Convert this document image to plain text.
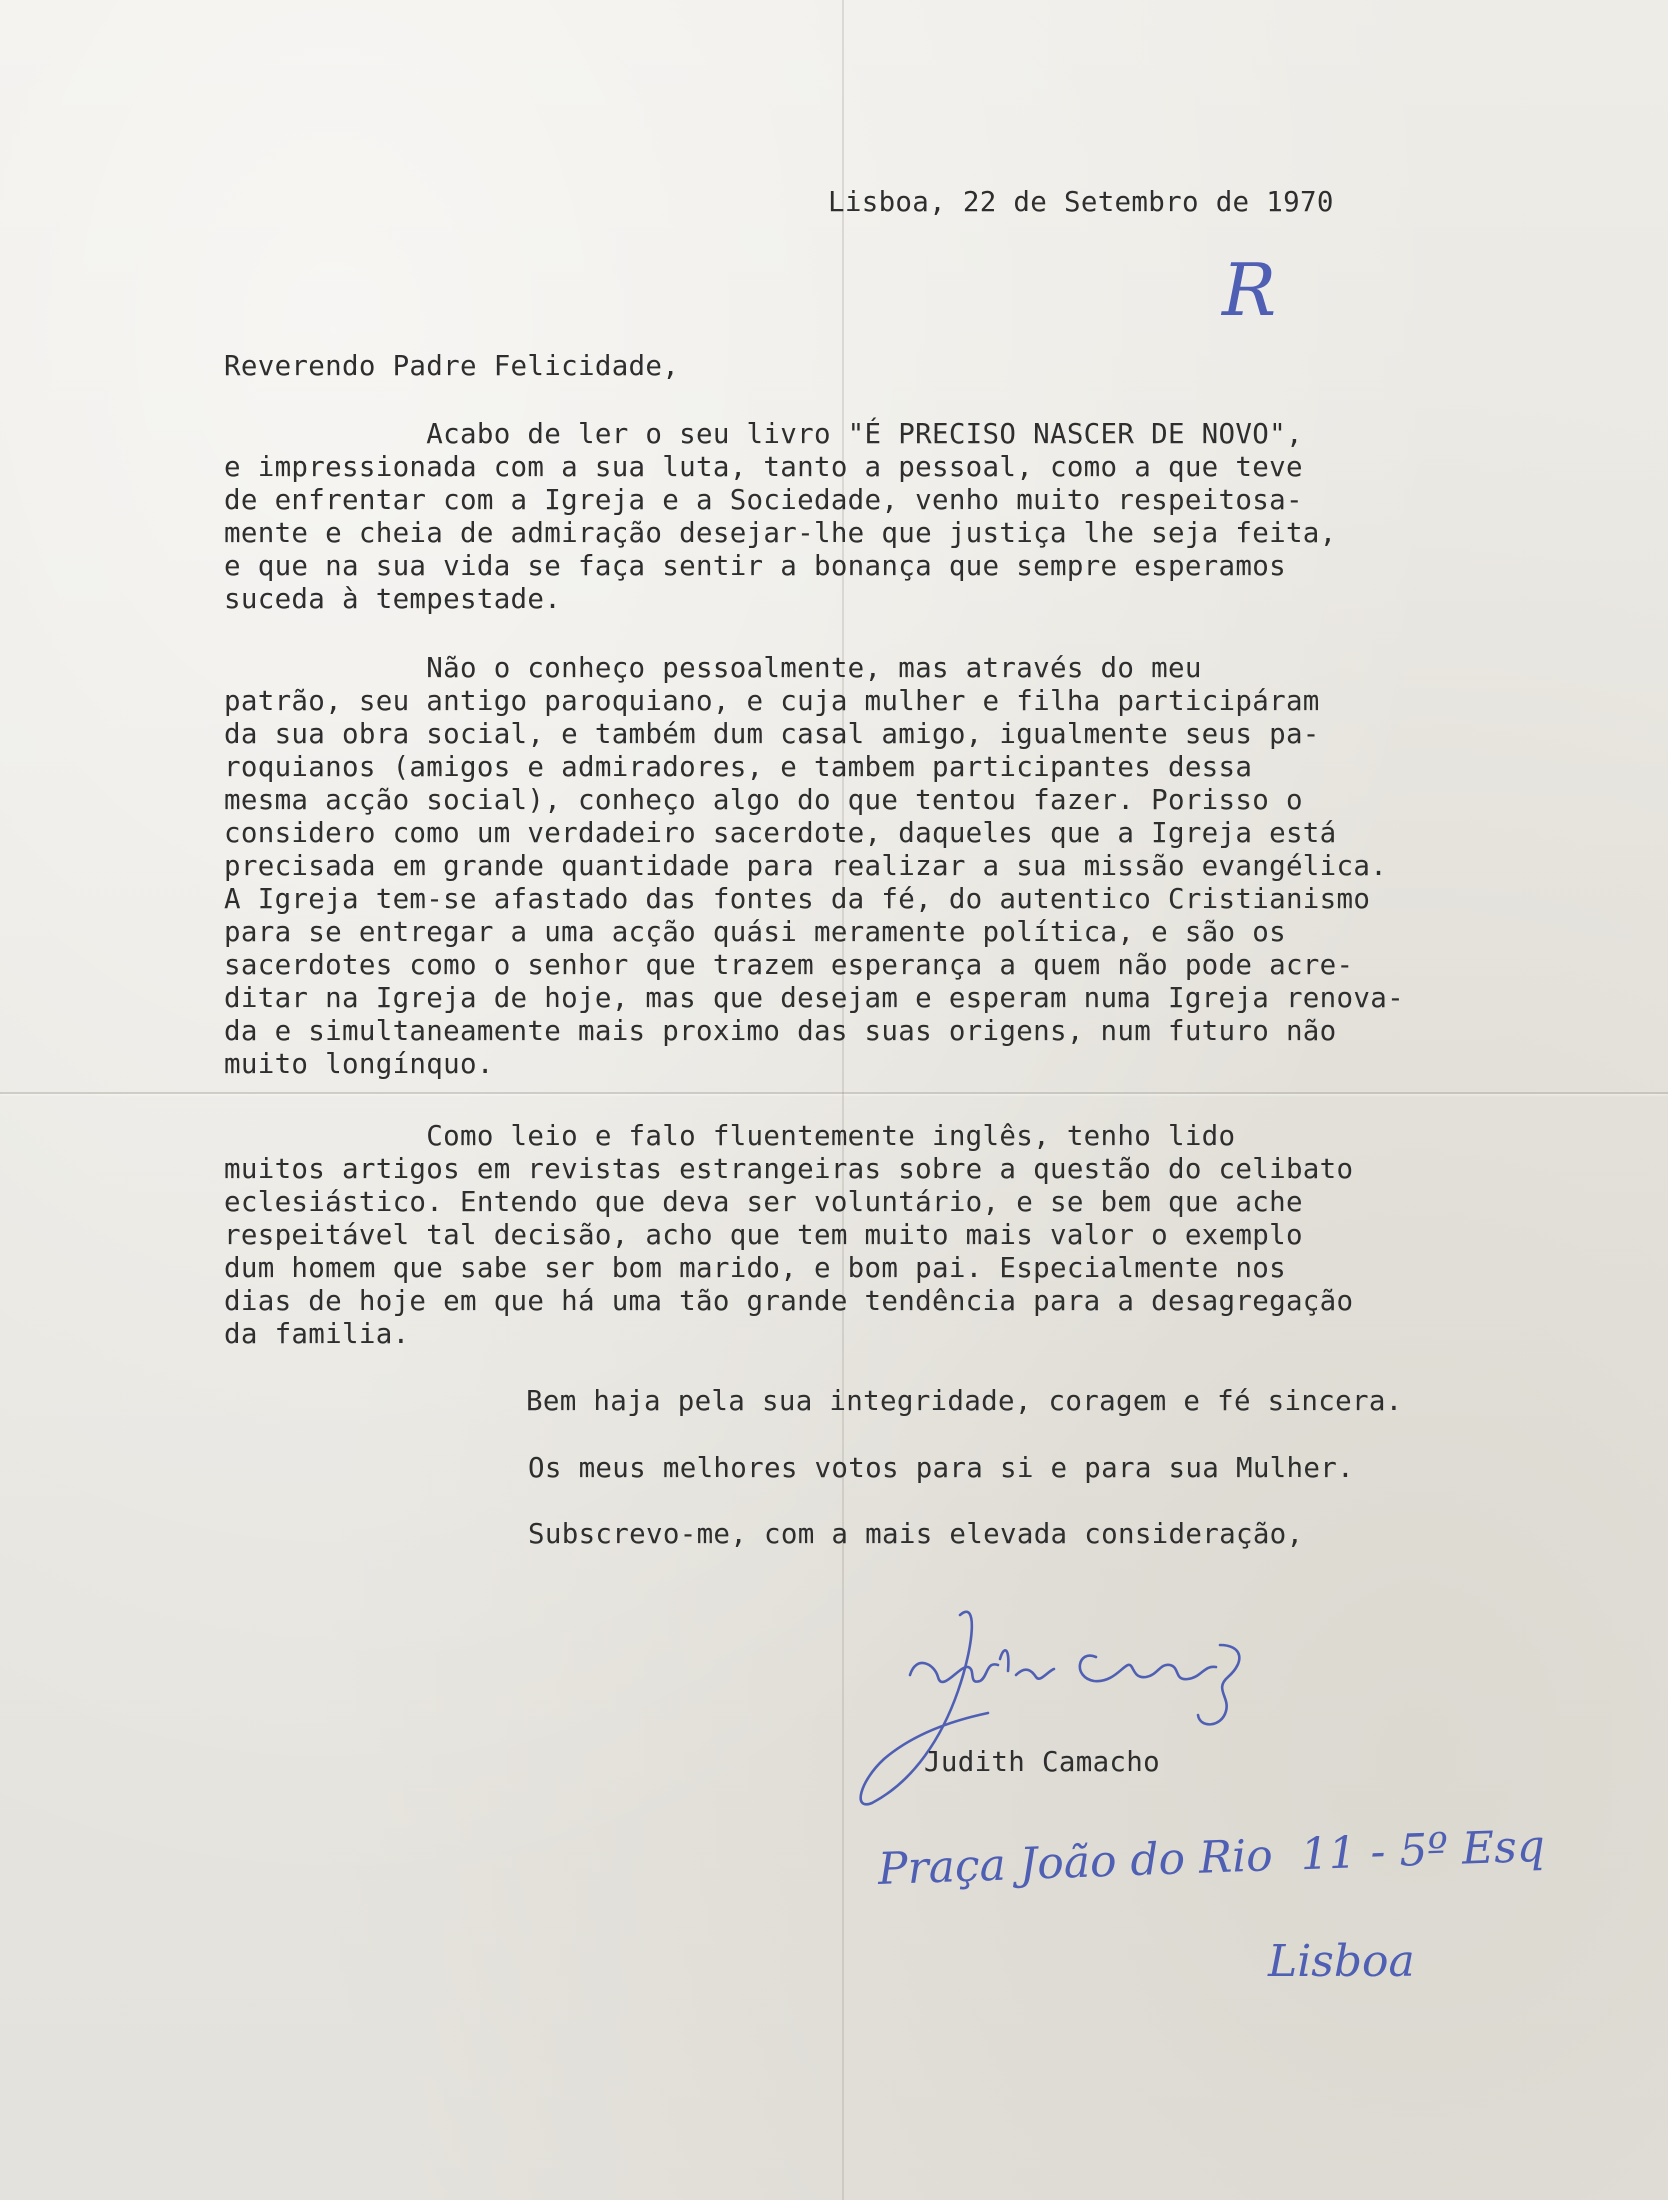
Lisboa, 22 de Setembro de 1970

R

Reverendo Padre Felicidade,

Acabo de ler o seu livro "É PRECISO NASCER DE NOVO",

e impressionada com a sua luta, tanto a pessoal, como a que teve

de enfrentar com a Igreja e a Sociedade, venho muito respeitosa-

mente e cheia de admiração desejar-lhe que justiça lhe seja feita,

e que na sua vida se faça sentir a bonança que sempre esperamos

suceda à tempestade.

Não o conheço pessoalmente, mas através do meu

patrão, seu antigo paroquiano, e cuja mulher e filha participáram

da sua obra social, e também dum casal amigo, igualmente seus pa-

roquianos (amigos e admiradores, e tambem participantes dessa

mesma acção social), conheço algo do que tentou fazer. Porisso o

considero como um verdadeiro sacerdote, daqueles que a Igreja está

precisada em grande quantidade para realizar a sua missão evangélica.

A Igreja tem-se afastado das fontes da fé, do autentico Cristianismo

para se entregar a uma acção quási meramente política, e são os

sacerdotes como o senhor que trazem esperança a quem não pode acre-

ditar na Igreja de hoje, mas que desejam e esperam numa Igreja renova-

da e simultaneamente mais proximo das suas origens, num futuro não

muito longínquo.

Como leio e falo fluentemente inglês, tenho lido

muitos artigos em revistas estrangeiras sobre a questão do celibato

eclesiástico. Entendo que deva ser voluntário, e se bem que ache

respeitável tal decisão, acho que tem muito mais valor o exemplo

dum homem que sabe ser bom marido, e bom pai. Especialmente nos

dias de hoje em que há uma tão grande tendência para a desagregação

da familia.

Bem haja pela sua integridade, coragem e fé sincera.

Os meus melhores votos para si e para sua Mulher.

Subscrevo-me, com a mais elevada consideração,

Judith Camacho

Praça João do Rio  11 - 5º Esq

Lisboa
